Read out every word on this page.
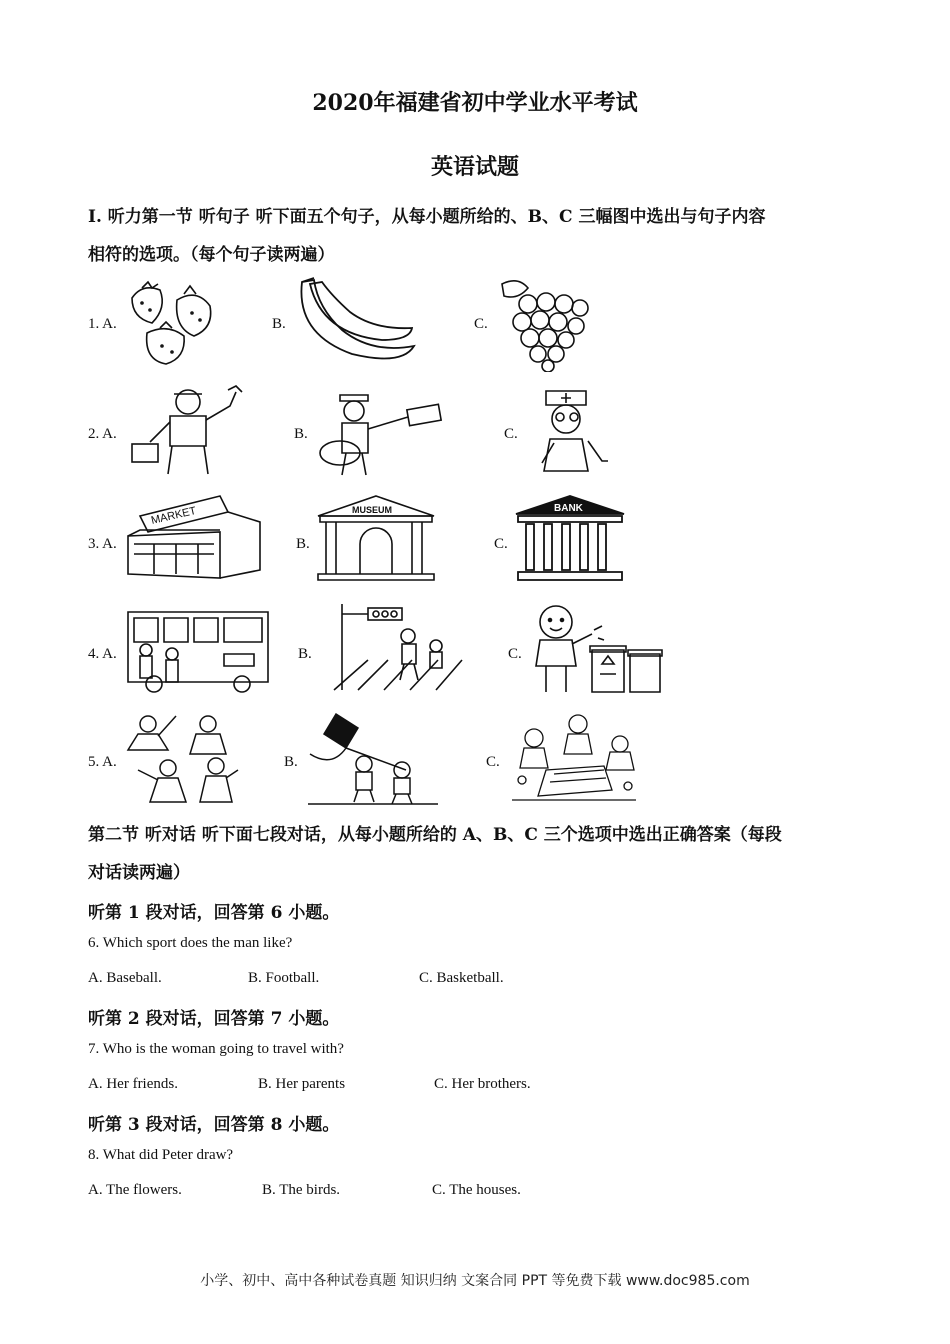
2020年福建省初中学业水平考试
英语试题
Ⅰ. 听力第一节 听句子 听下面五个句子，从每小题所给的、B、C 三幅图中选出与句子内容
相符的选项。（每个句子读两遍）
1. A.	B.	C.
2. A.	B.	C.
3. A.
MARKET
B.
MUSEUM
C.
BANK
4. A.	B.	C.
5. A.	B.	C.
第二节 听对话 听下面七段对话，从每小题所给的 A、B、C 三个选项中选出正确答案（每段
对话读两遍）
听第 1 段对话，回答第 6 小题。
6. Which sport does the man like?
A. Baseball.	B. Football.	C. Basketball.
听第 2 段对话，回答第 7 小题。
7. Who is the woman going to travel with?
A. Her friends.	B. Her parents	C. Her brothers.
听第 3 段对话，回答第 8 小题。
8. What did Peter draw?
A. The flowers.	B. The birds.	C. The houses.
小学、初中、高中各种试卷真题 知识归纳 文案合同 PPT 等免费下载 www.doc985.com
